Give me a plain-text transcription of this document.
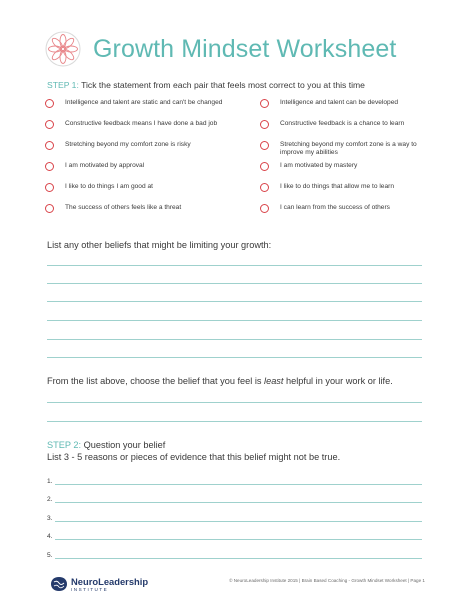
Growth Mindset Worksheet
STEP 1: Tick the statement from each pair that feels most correct to you at this time
Intelligence and talent are static and can't be changed	Intelligence and talent can be developed
Constructive feedback means I have done a bad job	Constructive feedback is a chance to learn
Stretching beyond my comfort zone is risky	Stretching beyond my comfort zone is a way to improve my abilities
I am motivated by approval	I am motivated by mastery
I like to do things I am good at	I like to do things that allow me to learn
The success of others feels like a threat	I can learn from the success of others
List any other beliefs that might be limiting your growth:
From the list above, choose the belief that you feel is least helpful in your work or life.
STEP 2: Question your belief
List 3 - 5 reasons or pieces of evidence that this belief might not be true.
1.
2.
3.
4.
5.
NeuroLeadership
INSTITUTE
© NeuroLeadership Institute 2015 | Brain Based Coaching - Growth Mindset Worksheet | Page 1
